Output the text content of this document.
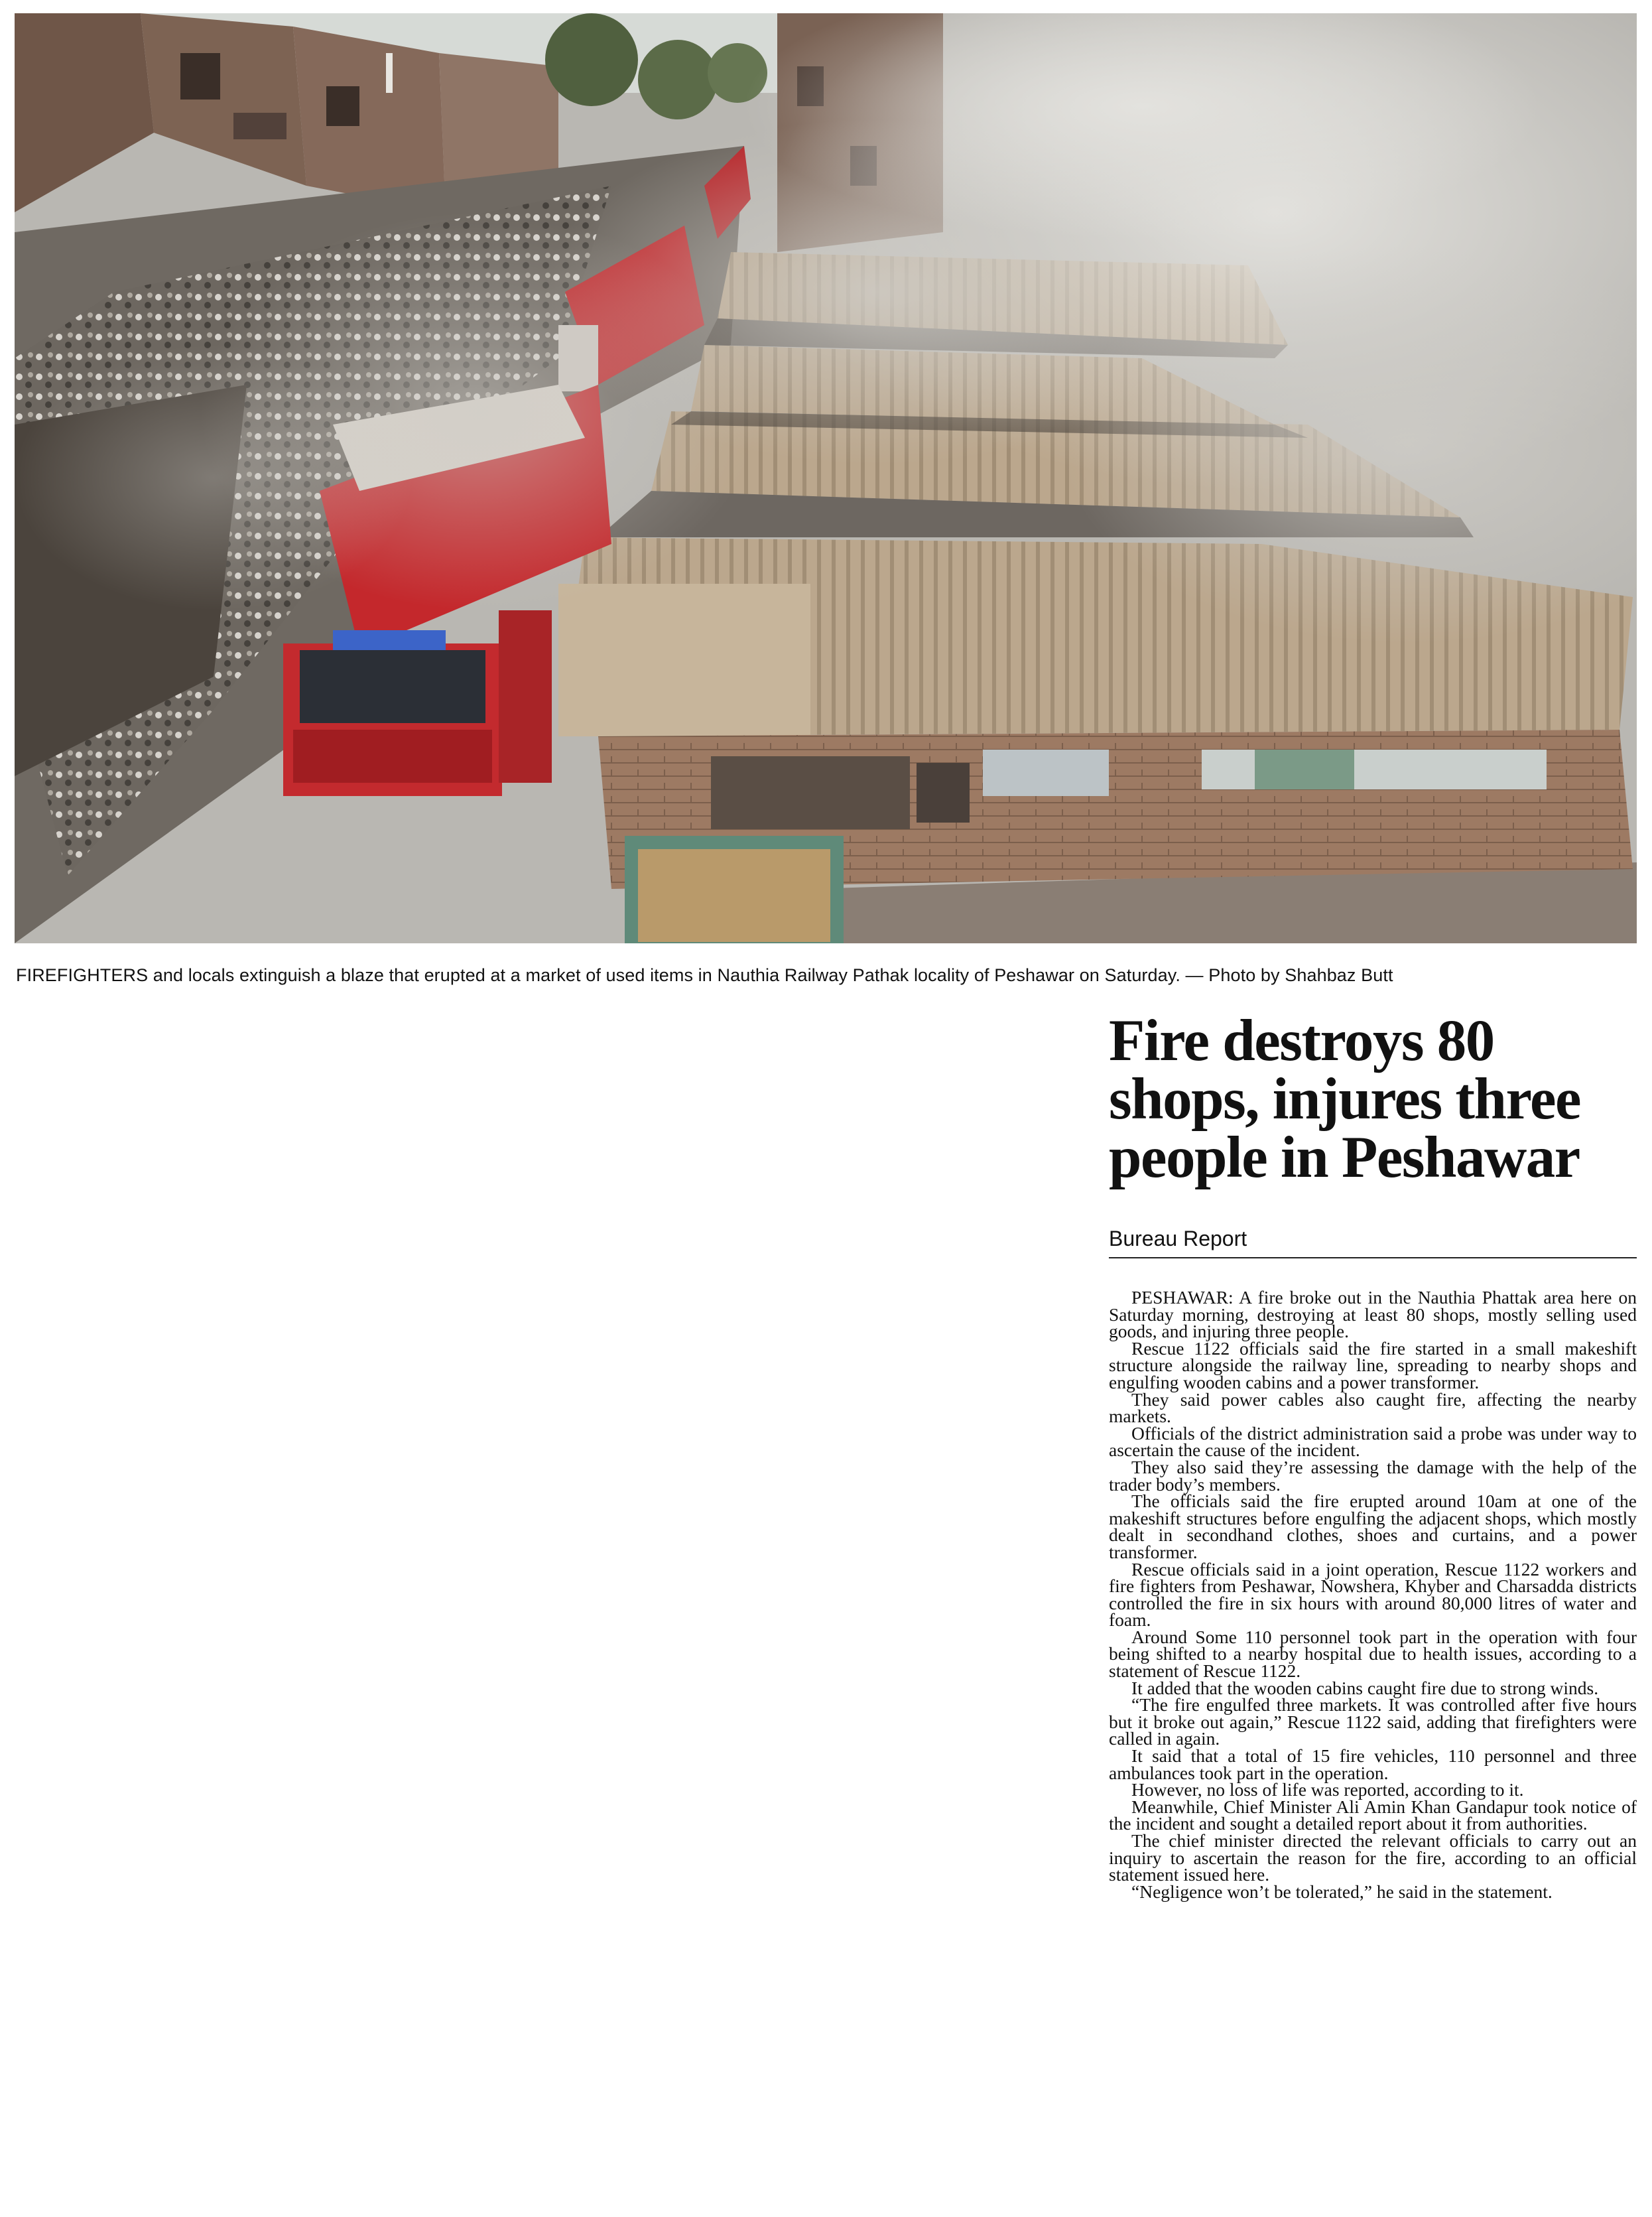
FIREFIGHTERS and locals extinguish a blaze that erupted at a market of used items in Nauthia Railway Pathak locality of Peshawar on Saturday. — Photo by Shahbaz Butt
Fire destroys 80
shops, injures three
people in Peshawar
Bureau Report

PESHAWAR: A fire broke out in the Nauthia Phattak area here on Saturday morning, destroying at least 80 shops, mostly selling used goods, and injuring three people.

Rescue 1122 officials said the fire started in a small makeshift structure alongside the railway line, spreading to nearby shops and engulfing wooden cabins and a power transformer.

They said power cables also caught fire, affecting the nearby markets.

Officials of the district administration said a probe was under way to ascertain the cause of the incident.

They also said they’re assessing the damage with the help of the trader body’s members.

The officials said the fire erupted around 10am at one of the makeshift structures before engulfing the adjacent shops, which mostly dealt in secondhand clothes, shoes and curtains, and a power transformer.

Rescue officials said in a joint operation, Rescue 1122 workers and fire fighters from Peshawar, Nowshera, Khyber and Charsadda districts controlled the fire in six hours with around 80,000 litres of water and foam.

Around Some 110 personnel took part in the operation with four being shifted to a nearby hospital due to health issues, according to a statement of Rescue 1122.

It added that the wooden cabins caught fire due to strong winds.

“The fire engulfed three markets. It was controlled after five hours but it broke out again,” Rescue 1122 said, adding that firefighters were called in again.

It said that a total of 15 fire vehicles, 110 personnel and three ambulances took part in the operation.

However, no loss of life was reported, according to it.

Meanwhile, Chief Minister Ali Amin Khan Gandapur took notice of the incident and sought a detailed report about it from authorities.

The chief minister directed the relevant officials to carry out an inquiry to ascertain the reason for the fire, according to an official statement issued here.

“Negligence won’t be tolerated,” he said in the statement.
